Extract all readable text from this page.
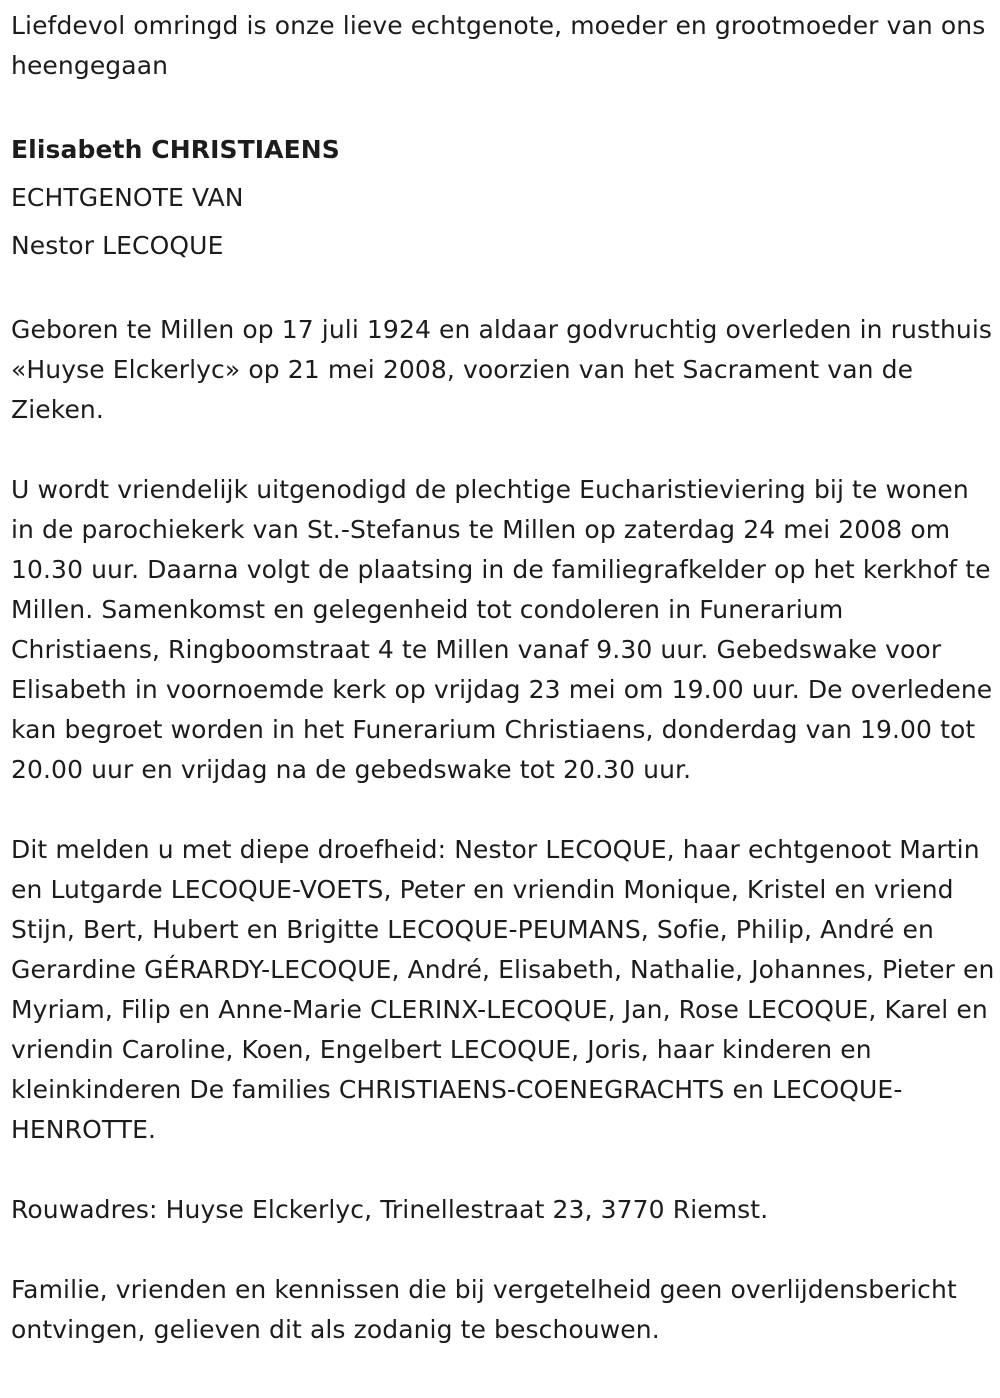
Liefdevol omringd is onze lieve echtgenote, moeder en grootmoeder van ons heengegaan

Elisabeth CHRISTIAENS

ECHTGENOTE VAN

Nestor LECOQUE

Geboren te Millen op 17 juli 1924 en aldaar godvruchtig overleden in rusthuis «Huyse Elckerlyc» op 21 mei 2008, voorzien van het Sacrament van de Zieken.

U wordt vriendelijk uitgenodigd de plechtige Eucharistieviering bij te wonen in de parochiekerk van St.-Stefanus te Millen op zaterdag 24 mei 2008 om 10.30 uur. Daarna volgt de plaatsing in de familiegrafkelder op het kerkhof te Millen. Samenkomst en gelegenheid tot condoleren in Funerarium Christiaens, Ringboomstraat 4 te Millen vanaf 9.30 uur. Gebedswake voor Elisabeth in voornoemde kerk op vrijdag 23 mei om 19.00 uur. De overledene kan begroet worden in het Funerarium Christiaens, donderdag van 19.00 tot 20.00 uur en vrijdag na de gebedswake tot 20.30 uur.

Dit melden u met diepe droefheid: Nestor LECOQUE, haar echtgenoot Martin en Lutgarde LECOQUE-VOETS, Peter en vriendin Monique, Kristel en vriend Stijn, Bert, Hubert en Brigitte LECOQUE-PEUMANS, Sofie, Philip, André en Gerardine GÉRARDY-LECOQUE, André, Elisabeth, Nathalie, Johannes, Pieter en Myriam, Filip en Anne-Marie CLERINX-LECOQUE, Jan, Rose LECOQUE, Karel en vriendin Caroline, Koen, Engelbert LECOQUE, Joris, haar kinderen en kleinkinderen De families CHRISTIAENS-COENEGRACHTS en LECOQUE-HENROTTE.

Rouwadres: Huyse Elckerlyc, Trinellestraat 23, 3770 Riemst.

Familie, vrienden en kennissen die bij vergetelheid geen overlijdensbericht ontvingen, gelieven dit als zodanig te beschouwen.
